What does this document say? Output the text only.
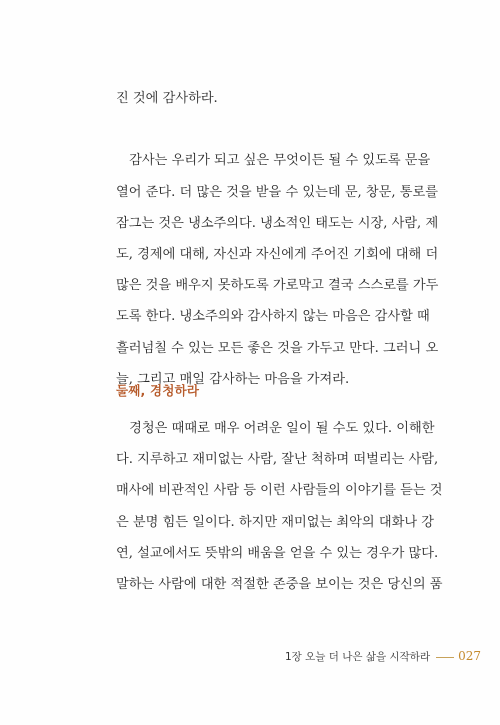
진 것에 감사하라.
　감사는 우리가 되고 싶은 무엇이든 될 수 있도록 문을
열어 준다. 더 많은 것을 받을 수 있는데 문, 창문, 통로를
잠그는 것은 냉소주의다. 냉소적인 태도는 시장, 사람, 제
도, 경제에 대해, 자신과 자신에게 주어진 기회에 대해 더
많은 것을 배우지 못하도록 가로막고 결국 스스로를 가두
도록 한다. 냉소주의와 감사하지 않는 마음은 감사할 때
흘러넘칠 수 있는 모든 좋은 것을 가두고 만다. 그러니 오
늘, 그리고 매일 감사하는 마음을 가져라.
둘째, 경청하라
　경청은 때때로 매우 어려운 일이 될 수도 있다. 이해한
다. 지루하고 재미없는 사람, 잘난 척하며 떠벌리는 사람,
매사에 비관적인 사람 등 이런 사람들의 이야기를 듣는 것
은 분명 힘든 일이다. 하지만 재미없는 최악의 대화나 강
연, 설교에서도 뜻밖의 배움을 얻을 수 있는 경우가 많다.
말하는 사람에 대한 적절한 존중을 보이는 것은 당신의 품
1장 오늘 더 나은 삶을 시작하라 027
